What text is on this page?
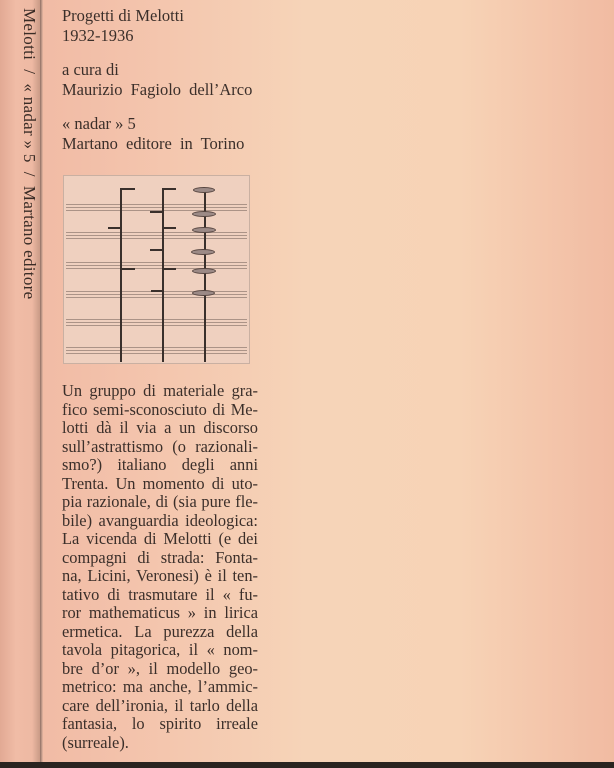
Melotti  /  « nadar » 5  /  Martano editore Progetti di Melotti

1932-1936

a cura di

Maurizio Fagiolo dell’Arco

« nadar » 5

Martano editore in Torino

Un gruppo di materiale gra-
fico semi-sconosciuto di Me-
lotti dà il via a un discorso
sull’astrattismo (o razionali-
smo?) italiano degli anni
Trenta. Un momento di uto-
pia razionale, di (sia pure fle-
bile) avanguardia ideologica:
La vicenda di Melotti (e dei
compagni di strada: Fonta-
na, Licini, Veronesi) è il ten-
tativo di trasmutare il « fu-
ror mathematicus » in lirica
ermetica. La purezza della
tavola pitagorica, il « nom-
bre d’or », il modello geo-
metrico: ma anche, l’ammic-
care dell’ironia, il tarlo della
fantasia, lo spirito irreale
(surreale).
